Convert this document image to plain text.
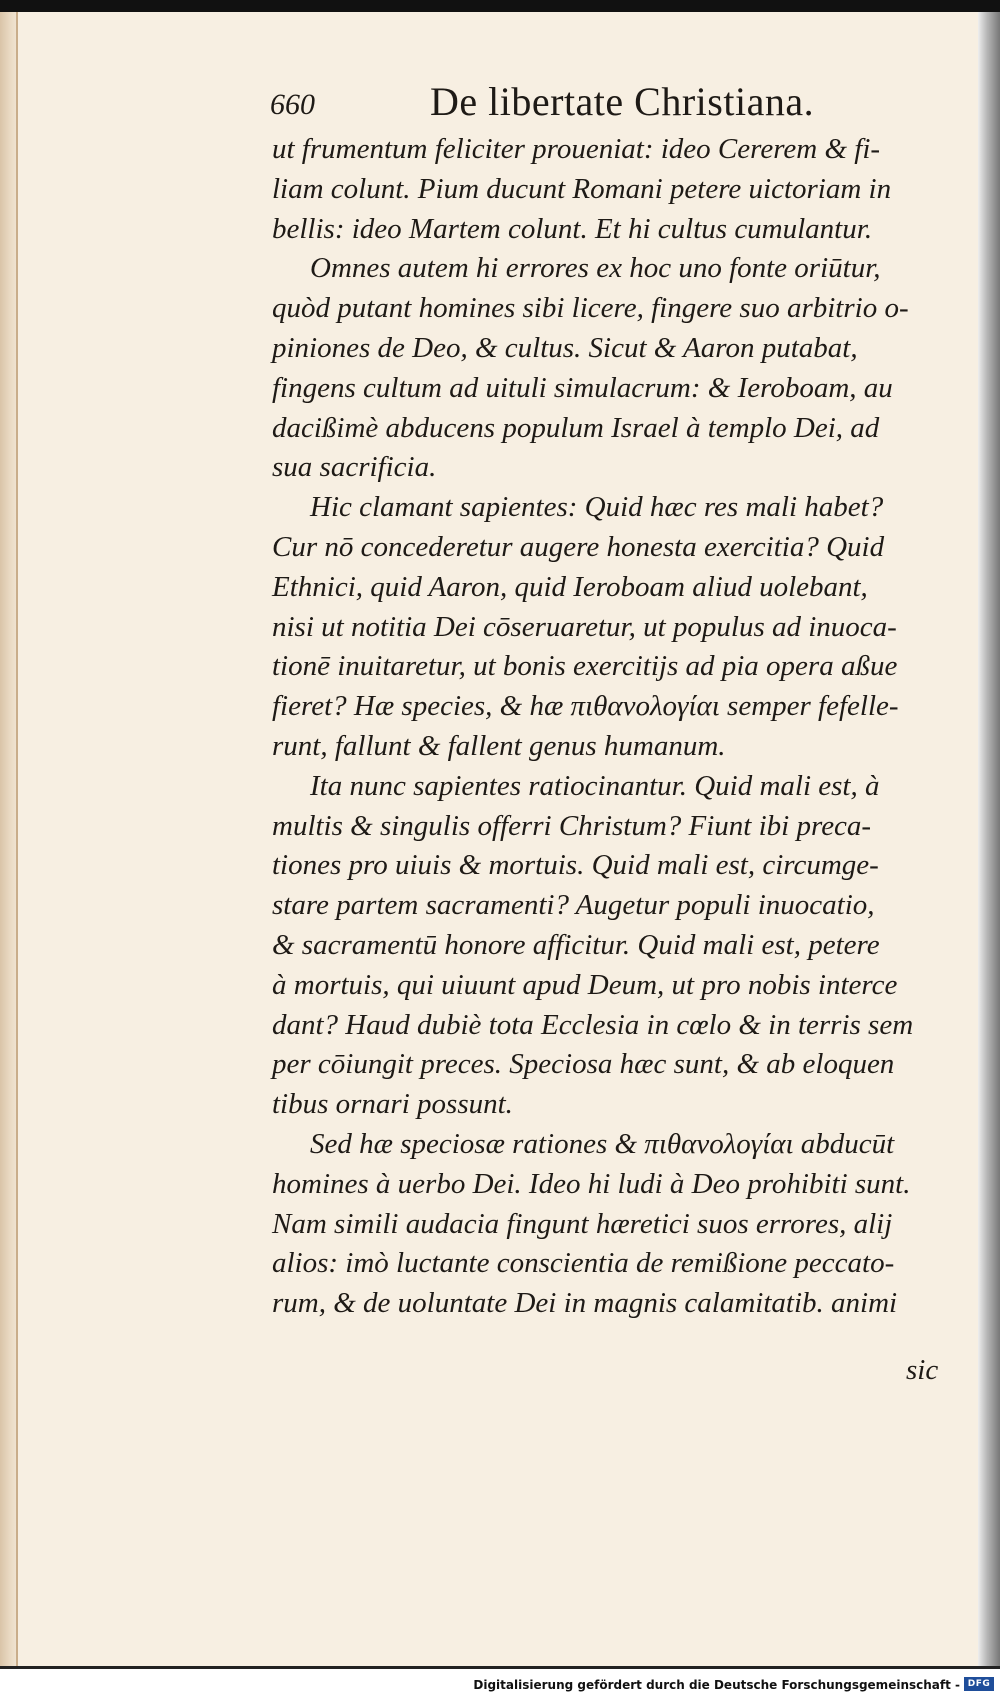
660	De libertate Christiana.
ut frumentum feliciter proueniat: ideo Cererem & fi-
liam colunt. Pium ducunt Romani petere uictoriam in
bellis: ideo Martem colunt. Et hi cultus cumulantur.
Omnes autem hi errores ex hoc uno fonte oriūtur,
quòd putant homines sibi licere, fingere suo arbitrio o-
piniones de Deo, & cultus. Sicut & Aaron putabat,
fingens cultum ad uituli simulacrum: & Ieroboam, au
dacißimè abducens populum Israel à templo Dei, ad
sua sacrificia.
Hic clamant sapientes: Quid hæc res mali habet?
Cur nō concederetur augere honesta exercitia? Quid
Ethnici, quid Aaron, quid Ieroboam aliud uolebant,
nisi ut notitia Dei cōseruaretur, ut populus ad inuoca-
tionē inuitaretur, ut bonis exercitijs ad pia opera aßue
fieret? Hæ species, & hæ πιθανολογίαι semper fefelle-
runt, fallunt & fallent genus humanum.
Ita nunc sapientes ratiocinantur. Quid mali est, à
multis & singulis offerri Christum? Fiunt ibi preca-
tiones pro uiuis & mortuis. Quid mali est, circumge-
stare partem sacramenti? Augetur populi inuocatio,
& sacramentū honore afficitur. Quid mali est, petere
à mortuis, qui uiuunt apud Deum, ut pro nobis interce
dant? Haud dubiè tota Ecclesia in cœlo & in terris sem
per cōiungit preces. Speciosa hæc sunt, & ab eloquen
tibus ornari possunt.
Sed hæ speciosæ rationes & πιθανολογίαι abducūt
homines à uerbo Dei. Ideo hi ludi à Deo prohibiti sunt.
Nam simili audacia fingunt hæretici suos errores, alij
alios: imò luctante conscientia de remißione peccato-
rum, & de uoluntate Dei in magnis calamitatib. animi
sic
Digitalisierung gefördert durch die Deutsche Forschungsgemeinschaft - DFG
